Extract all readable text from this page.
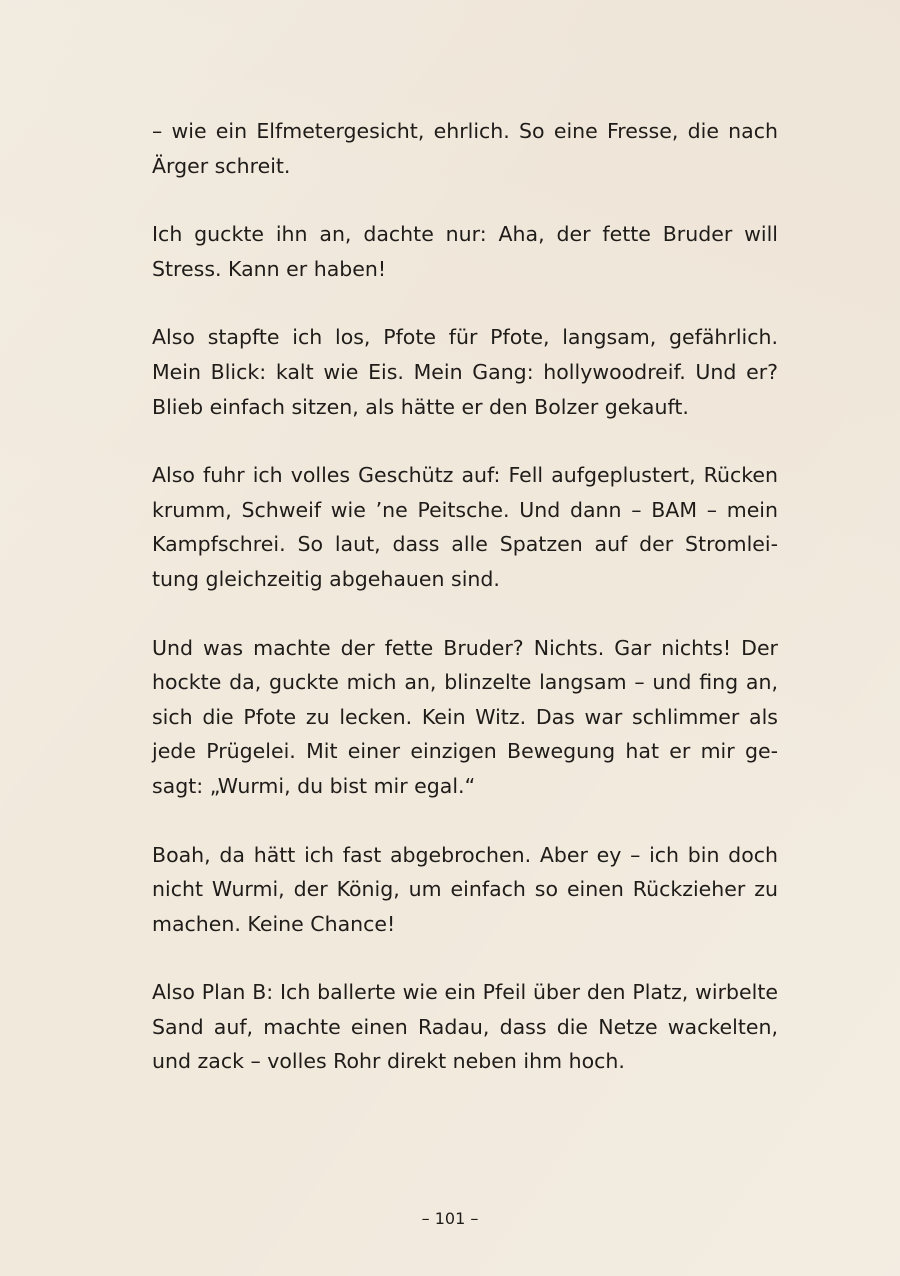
– wie ein Elfmetergesicht, ehrlich. So eine Fresse, die nach Ärger schreit.

Ich guckte ihn an, dachte nur: Aha, der fette Bruder will Stress. Kann er haben!

Also stapfte ich los, Pfote für Pfote, langsam, gefährlich. Mein Blick: kalt wie Eis. Mein Gang: hollywoodreif. Und er? Blieb einfach sitzen, als hätte er den Bolzer gekauft.

Also fuhr ich volles Geschütz auf: Fell aufgeplustert, Rücken krumm, Schweif wie ’ne Peitsche. Und dann – BAM – mein Kampfschrei. So laut, dass alle Spatzen auf der Stromlei-tung gleichzeitig abgehauen sind.

Und was machte der fette Bruder? Nichts. Gar nichts! Der hockte da, guckte mich an, blinzelte langsam – und fing an, sich die Pfote zu lecken. Kein Witz. Das war schlimmer als jede Prügelei. Mit einer einzigen Bewegung hat er mir ge-sagt: „Wurmi, du bist mir egal.“

Boah, da hätt ich fast abgebrochen. Aber ey – ich bin doch nicht Wurmi, der König, um einfach so einen Rückzieher zu machen. Keine Chance!

Also Plan B: Ich ballerte wie ein Pfeil über den Platz, wirbelte Sand auf, machte einen Radau, dass die Netze wackelten, und zack – volles Rohr direkt neben ihm hoch.

– 101 –
